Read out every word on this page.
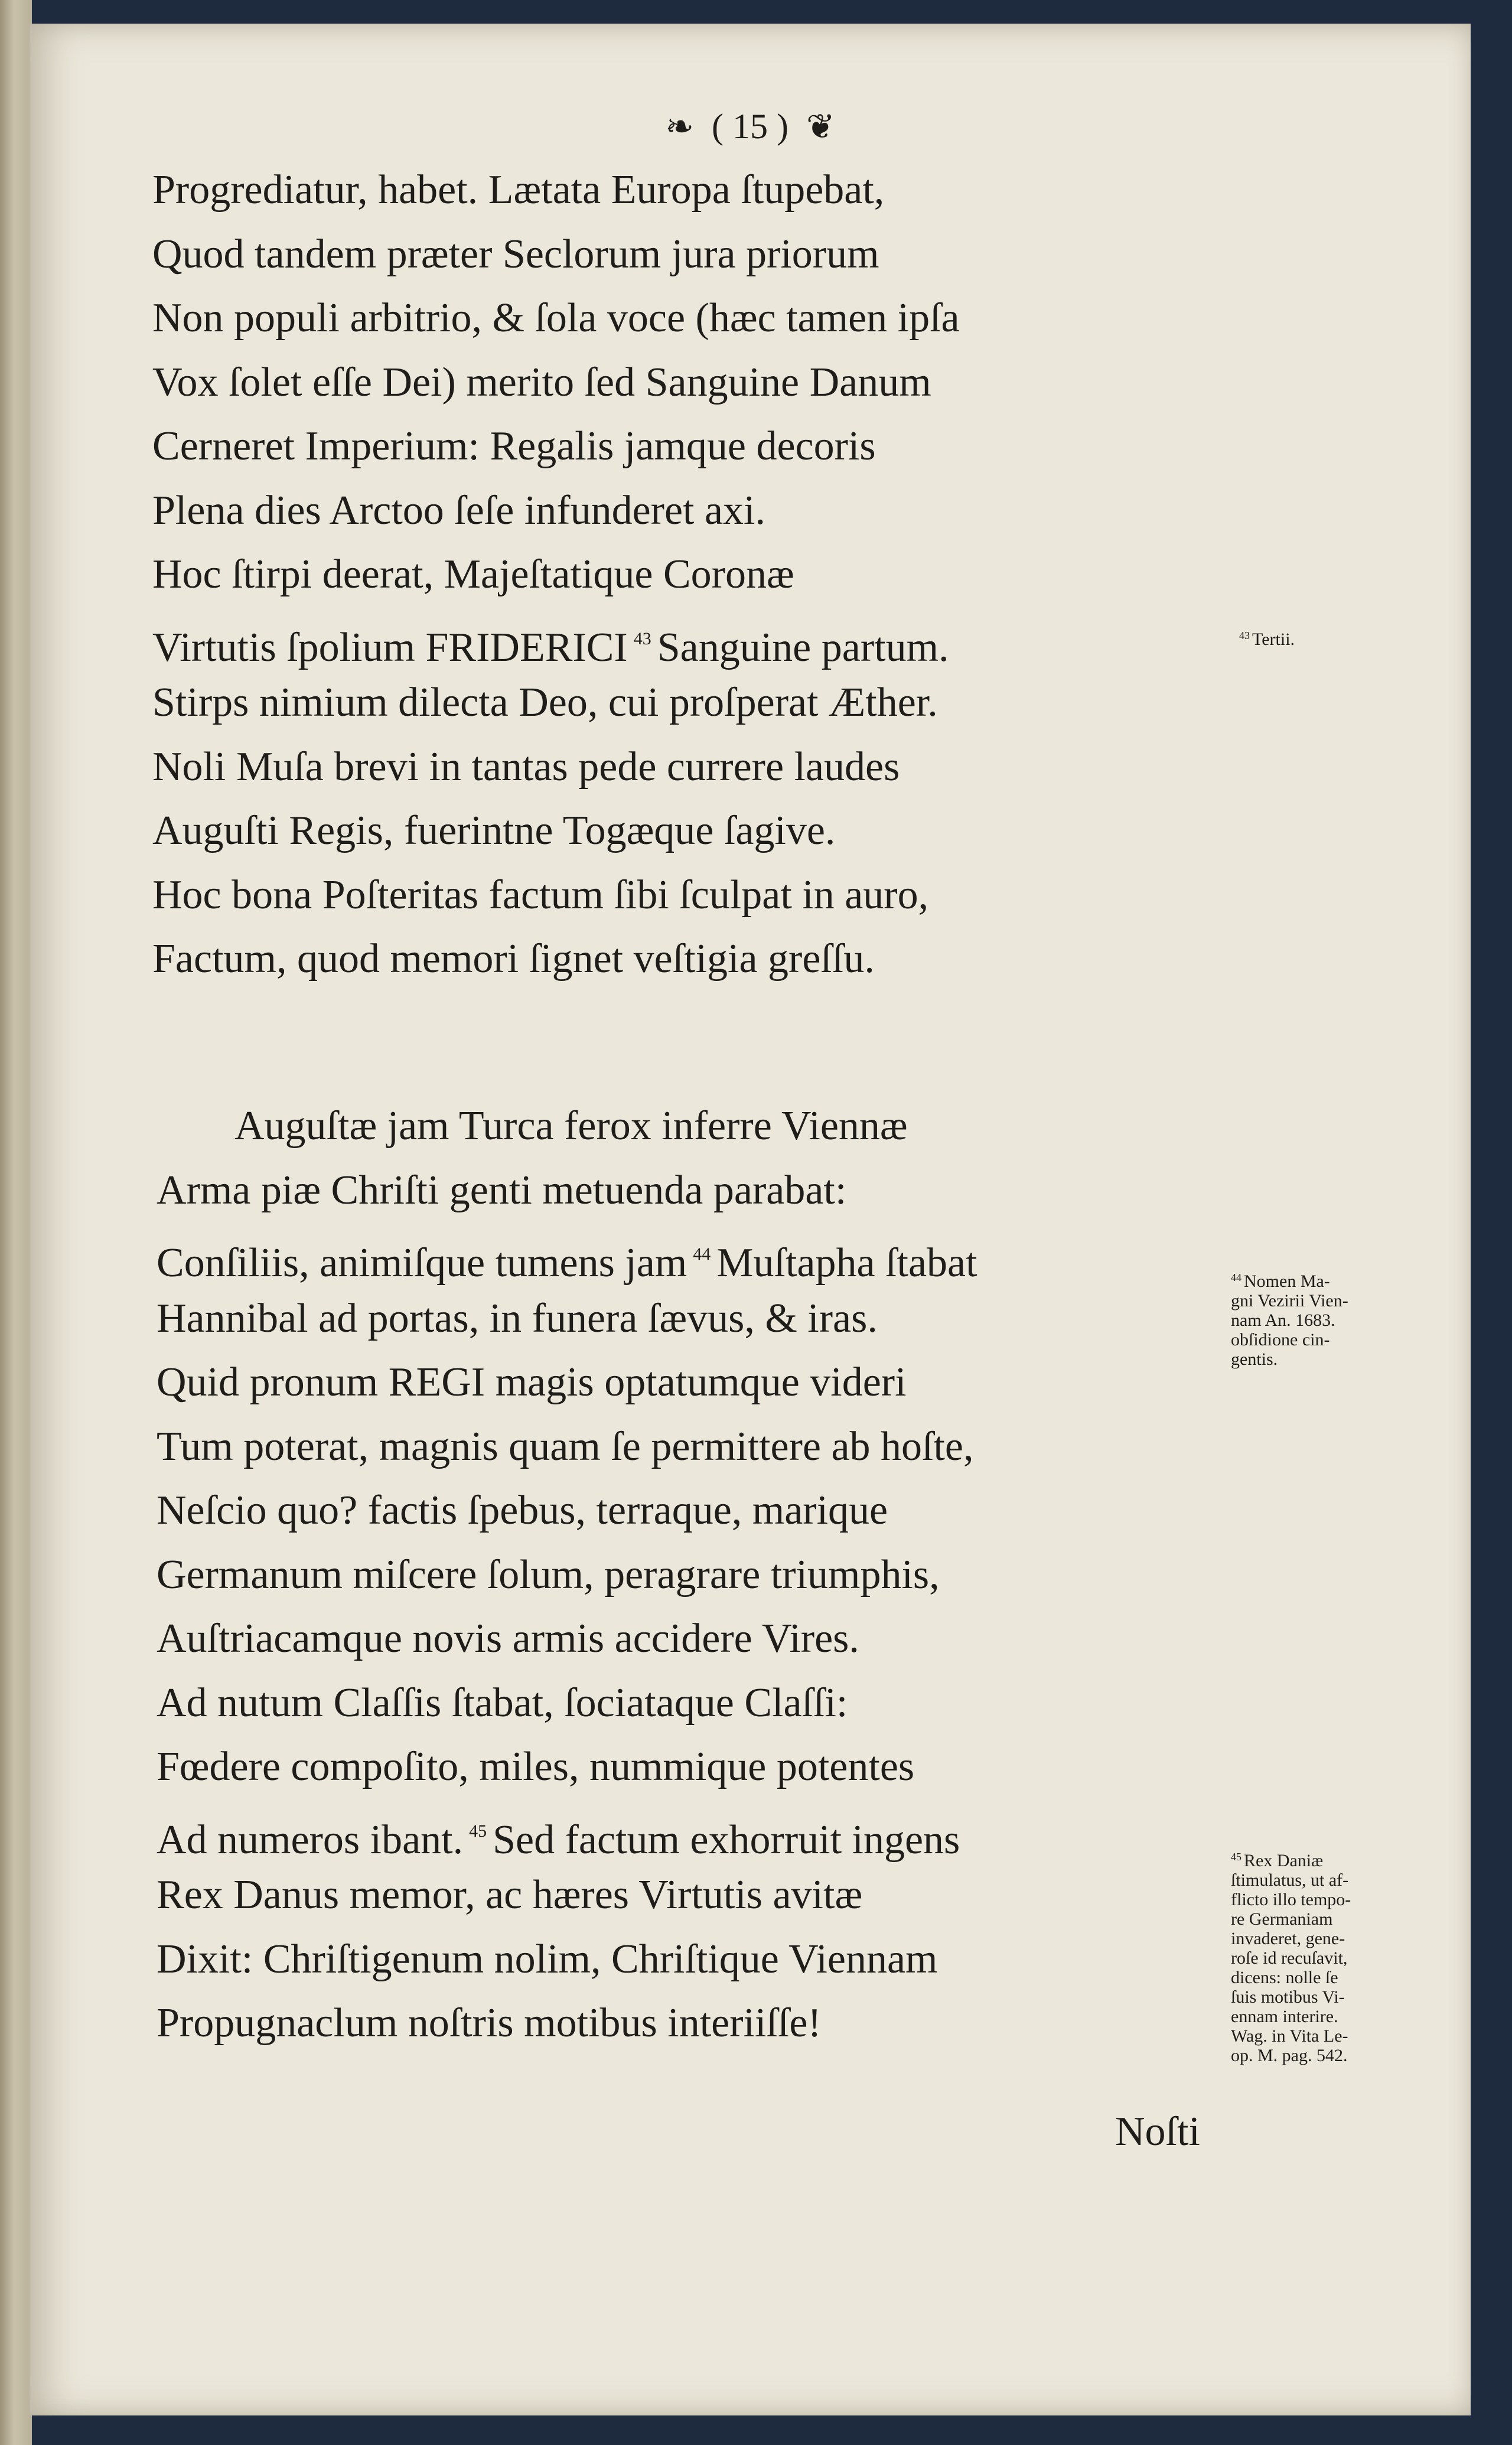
❧ ( 15 ) ❦
Progrediatur, habet. Lætata Europa ſtupebat,
Quod tandem præter Seclorum jura priorum
Non populi arbitrio, & ſola voce (hæc tamen ipſa
Vox ſolet eſſe Dei) merito ſed Sanguine Danum
Cerneret Imperium: Regalis jamque decoris
Plena dies Arctoo ſeſe infunderet axi.
Hoc ſtirpi deerat, Majeſtatique Coronæ
Virtutis ſpolium FRIDERICI $^{43}$ Sanguine partum.
Stirps nimium dilecta Deo, cui proſperat Æther.
Noli Muſa brevi in tantas pede currere laudes
Auguſti Regis, fuerintne Togæque ſagive.
Hoc bona Poſteritas factum ſibi ſculpat in auro,
Factum, quod memori ſignet veſtigia greſſu.
Auguſtæ jam Turca ferox inferre Viennæ
Arma piæ Chriſti genti metuenda parabat:
Conſiliis, animiſque tumens jam $^{44}$ Muſtapha ſtabat
Hannibal ad portas, in funera ſævus, & iras.
Quid pronum REGI magis optatumque videri
Tum poterat, magnis quam ſe permittere ab hoſte,
Neſcio quo? factis ſpebus, terraque, marique
Germanum miſcere ſolum, peragrare triumphis,
Auſtriacamque novis armis accidere Vires.
Ad nutum Claſſis ſtabat, ſociataque Claſſi:
Fœdere compoſito, miles, nummique potentes
Ad numeros ibant. $^{45}$ Sed factum exhorruit ingens
Rex Danus memor, ac hæres Virtutis avitæ
Dixit: Chriſtigenum nolim, Chriſtique Viennam
Propugnaclum noſtris motibus interiiſſe!
$^{43}$ Tertii.
$^{44}$ Nomen Ma-
gni Vezirii Vien-
nam An. 1683.
obſidione cin-
gentis.
$^{45}$ Rex Daniæ
ſtimulatus, ut af-
flicto illo tempo-
re Germaniam
invaderet, gene-
roſe id recuſavit,
dicens: nolle ſe
ſuis motibus Vi-
ennam interire.
Wag. in Vita Le-
op. M. pag. 542.
Noſti
